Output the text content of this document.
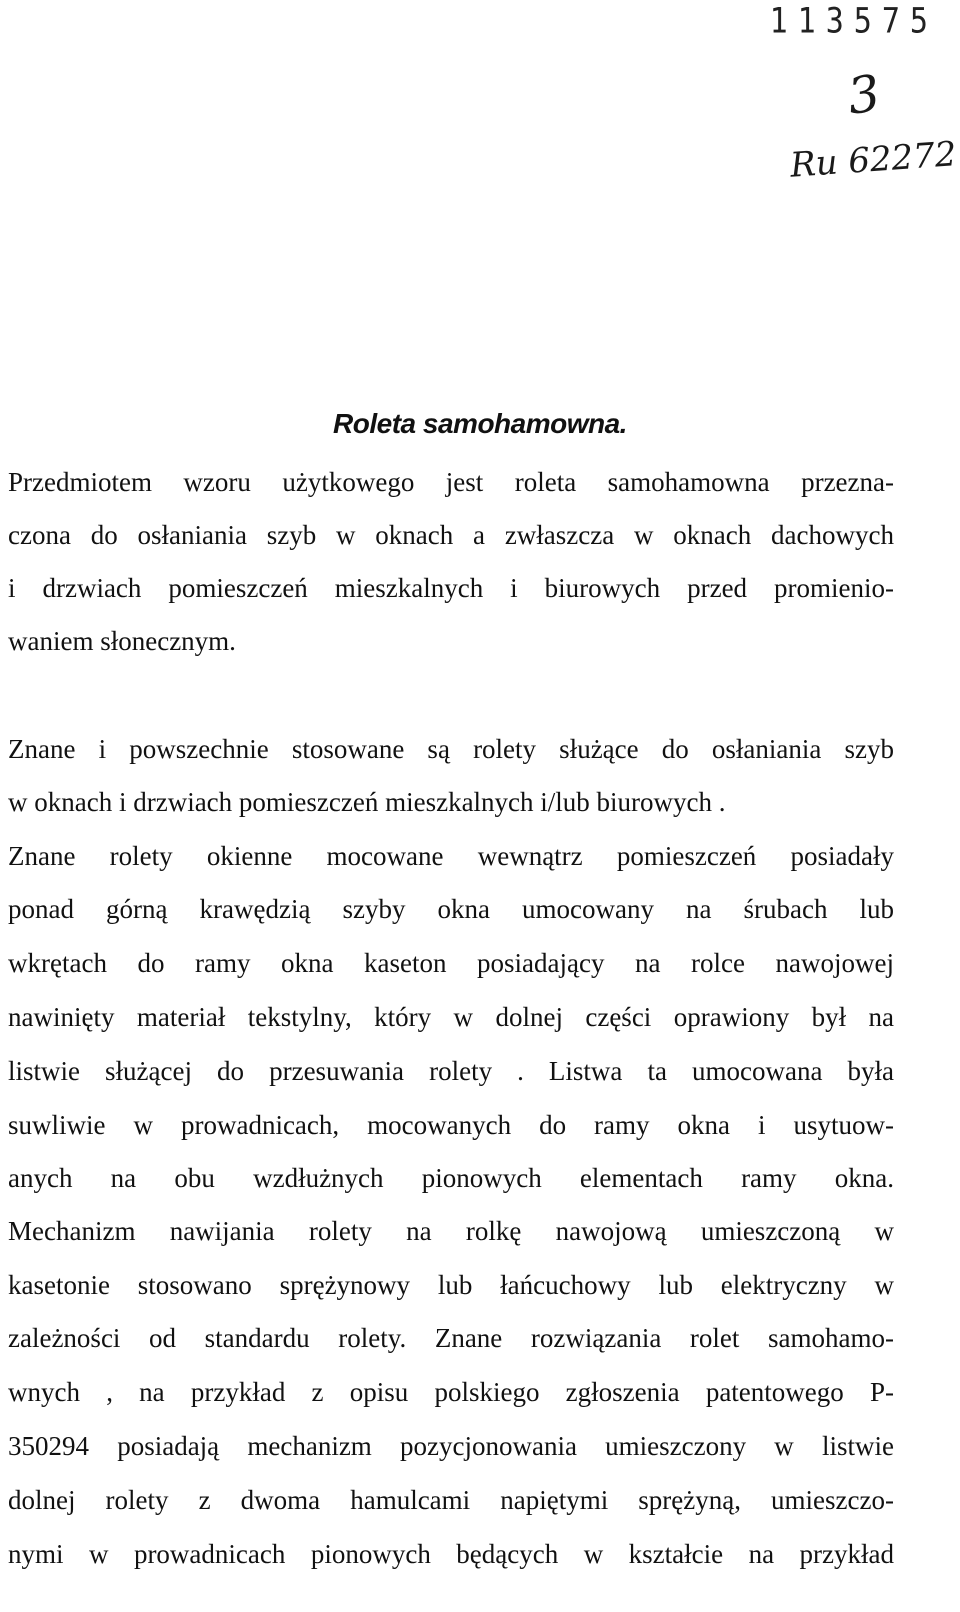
113575
3
Ru 62272
Roleta samohamowna.
Przedmiotem wzoru użytkowego jest roleta samohamowna przezna-
czona do osłaniania szyb w oknach a zwłaszcza w oknach dachowych
i drzwiach pomieszczeń mieszkalnych i biurowych przed promienio-
waniem słonecznym.
Znane i powszechnie stosowane są rolety służące do osłaniania szyb
w oknach i drzwiach pomieszczeń mieszkalnych i/lub biurowych .
Znane rolety okienne mocowane wewnątrz pomieszczeń posiadały
ponad górną krawędzią szyby okna umocowany na śrubach lub
wkrętach do ramy okna kaseton posiadający na rolce nawojowej
nawinięty materiał tekstylny, który w dolnej części oprawiony był na
listwie służącej do przesuwania rolety . Listwa ta umocowana była
suwliwie w prowadnicach, mocowanych do ramy okna i usytuow-
anych na obu wzdłużnych pionowych elementach ramy okna.
Mechanizm nawijania rolety na rolkę nawojową umieszczoną w
kasetonie stosowano sprężynowy lub łańcuchowy lub elektryczny w
zależności od standardu rolety. Znane rozwiązania rolet samohamo-
wnych , na przykład z opisu polskiego zgłoszenia patentowego P-
350294 posiadają mechanizm pozycjonowania umieszczony w listwie
dolnej rolety z dwoma hamulcami napiętymi sprężyną, umieszczo-
nymi w prowadnicach pionowych będących w kształcie na przykład
